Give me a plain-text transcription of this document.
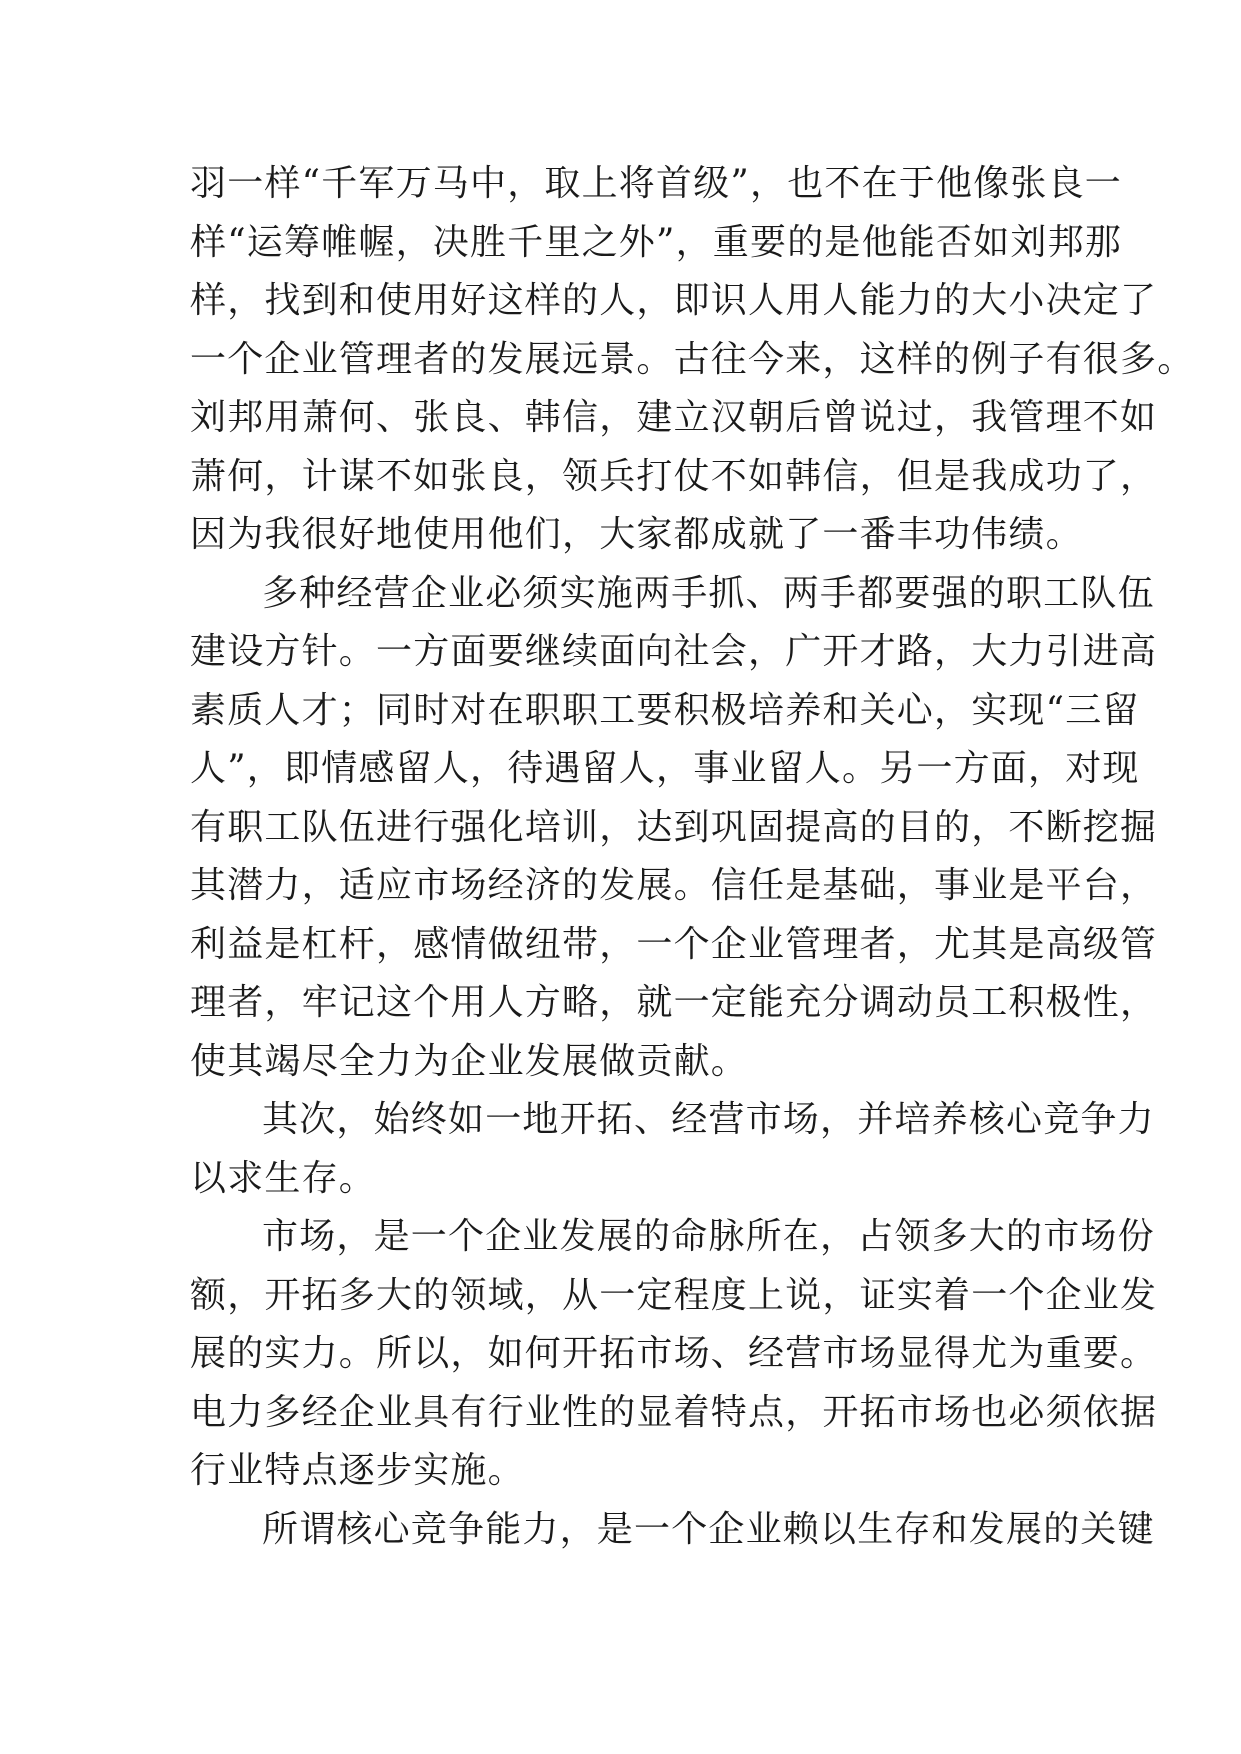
羽一样“千军万马中，取上将首级”，也不在于他像张良一
样“运筹帷幄，决胜千里之外”，重要的是他能否如刘邦那
样，找到和使用好这样的人，即识人用人能力的大小决定了
一个企业管理者的发展远景。古往今来，这样的例子有很多。
刘邦用萧何、张良、韩信，建立汉朝后曾说过，我管理不如
萧何，计谋不如张良，领兵打仗不如韩信，但是我成功了，
因为我很好地使用他们，大家都成就了一番丰功伟绩。
多种经营企业必须实施两手抓、两手都要强的职工队伍
建设方针。一方面要继续面向社会，广开才路，大力引进高
素质人才；同时对在职职工要积极培养和关心，实现“三留
人”，即情感留人，待遇留人，事业留人。另一方面，对现
有职工队伍进行强化培训，达到巩固提高的目的，不断挖掘
其潜力，适应市场经济的发展。信任是基础，事业是平台，
利益是杠杆，感情做纽带，一个企业管理者，尤其是高级管
理者，牢记这个用人方略，就一定能充分调动员工积极性，
使其竭尽全力为企业发展做贡献。
其次，始终如一地开拓、经营市场，并培养核心竞争力
以求生存。
市场，是一个企业发展的命脉所在，占领多大的市场份
额，开拓多大的领域，从一定程度上说，证实着一个企业发
展的实力。所以，如何开拓市场、经营市场显得尤为重要。
电力多经企业具有行业性的显着特点，开拓市场也必须依据
行业特点逐步实施。
所谓核心竞争能力，是一个企业赖以生存和发展的关键
